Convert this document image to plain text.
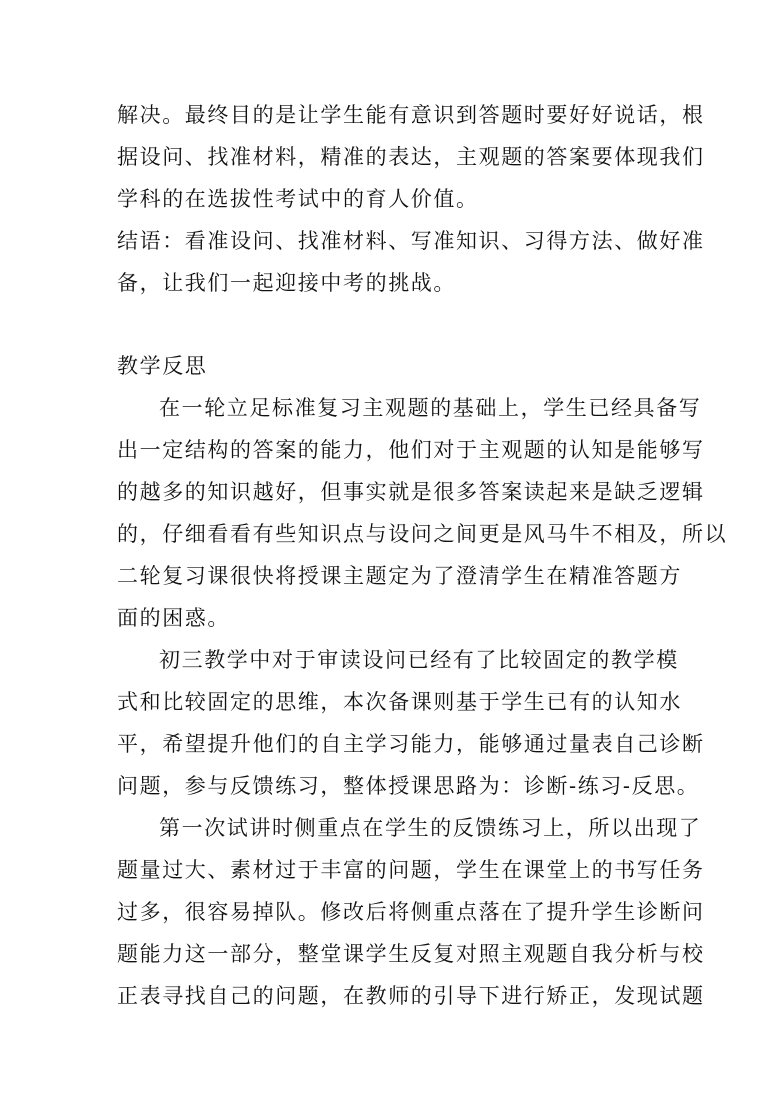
解决。最终目的是让学生能有意识到答题时要好好说话，根
据设问、找准材料，精准的表达，主观题的答案要体现我们
学科的在选拔性考试中的育人价值。
结语：看准设问、找准材料、写准知识、习得方法、做好准
备，让我们一起迎接中考的挑战。
教学反思
在一轮立足标准复习主观题的基础上，学生已经具备写
出一定结构的答案的能力，他们对于主观题的认知是能够写
的越多的知识越好，但事实就是很多答案读起来是缺乏逻辑
的，仔细看看有些知识点与设问之间更是风马牛不相及，所以
二轮复习课很快将授课主题定为了澄清学生在精准答题方
面的困惑。
初三教学中对于审读设问已经有了比较固定的教学模
式和比较固定的思维，本次备课则基于学生已有的认知水
平，希望提升他们的自主学习能力，能够通过量表自己诊断
问题，参与反馈练习，整体授课思路为：诊断-练习-反思。
第一次试讲时侧重点在学生的反馈练习上，所以出现了
题量过大、素材过于丰富的问题，学生在课堂上的书写任务
过多，很容易掉队。修改后将侧重点落在了提升学生诊断问
题能力这一部分，整堂课学生反复对照主观题自我分析与校
正表寻找自己的问题，在教师的引导下进行矫正，发现试题
